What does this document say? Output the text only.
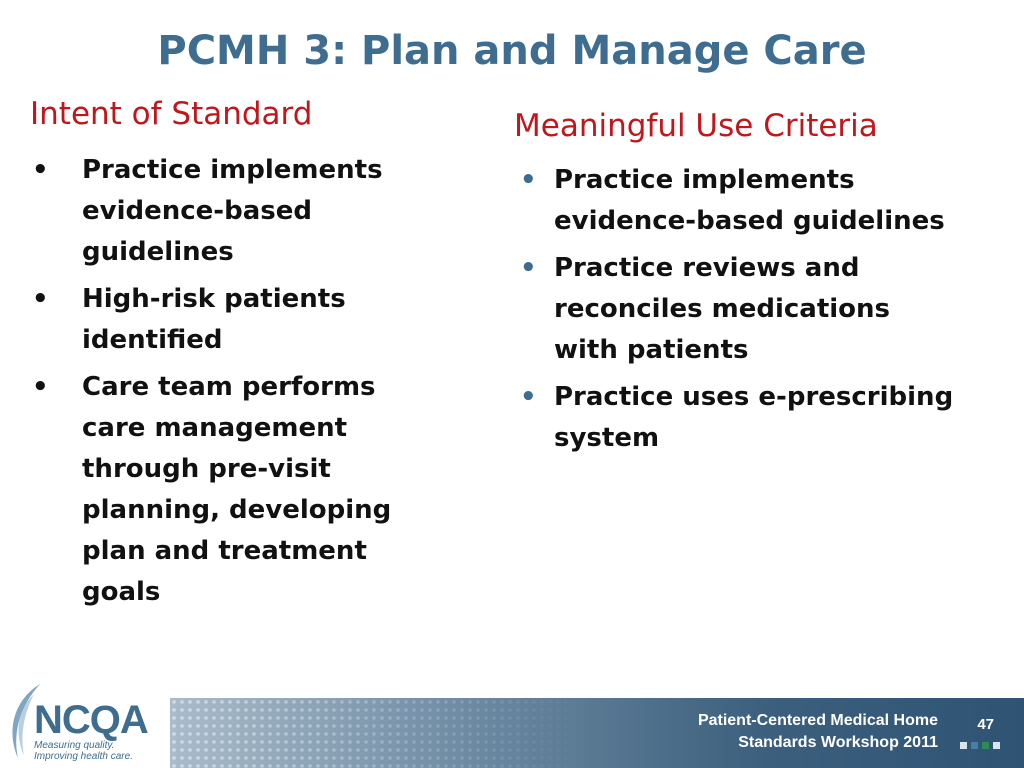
PCMH 3: Plan and Manage Care
Intent of Standard
• Practice implements evidence-based guidelines
• High-risk patients identified
• Care team performs care management through pre-visit planning, developing plan and treatment goals
Meaningful Use Criteria
• Practice implements evidence-based guidelines
• Practice reviews and reconciles medications with patients
• Practice uses e-prescribing system
Patient-Centered Medical Home
Standards Workshop 2011
47
NCQA
Measuring quality.
Improving health care.
